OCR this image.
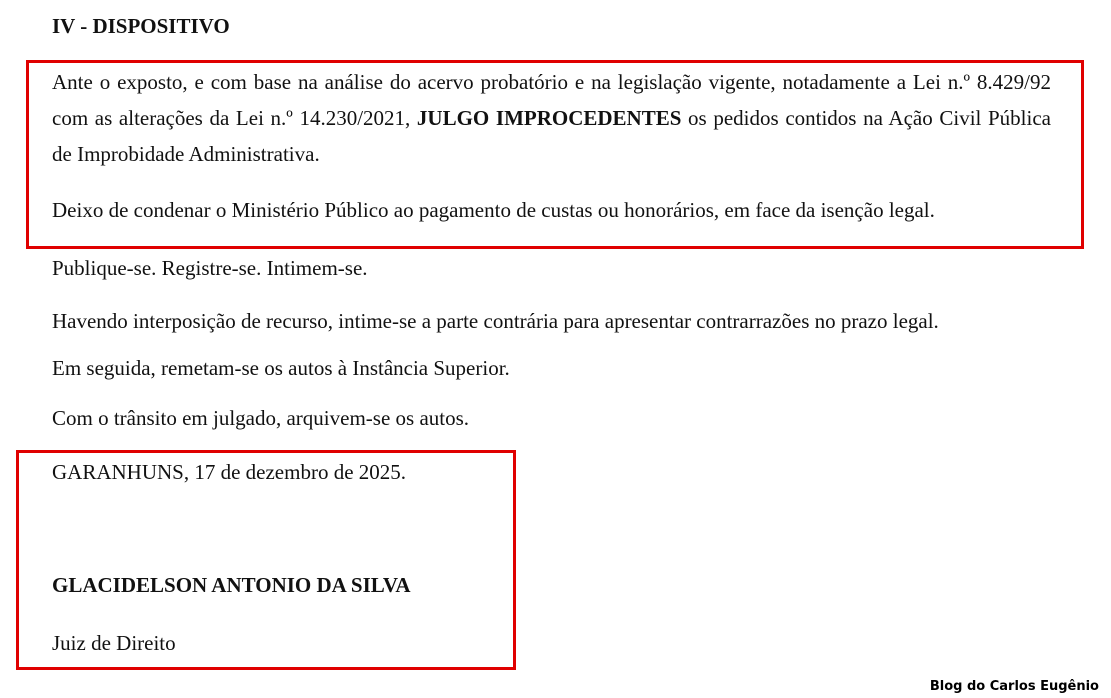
IV - DISPOSITIVO

Ante o exposto, e com base na análise do acervo probatório e na legislação vigente, notadamente a Lei n.º 8.429/92 com as alterações da Lei n.º 14.230/2021, JULGO IMPROCEDENTES os pedidos contidos na Ação Civil Pública de Improbidade Administrativa.

Deixo de condenar o Ministério Público ao pagamento de custas ou honorários, em face da isenção legal.

Publique-se. Registre-se. Intimem-se.

Havendo interposição de recurso, intime-se a parte contrária para apresentar contrarrazões no prazo legal.

Em seguida, remetam-se os autos à Instância Superior.

Com o trânsito em julgado, arquivem-se os autos.

GARANHUNS, 17 de dezembro de 2025.

GLACIDELSON ANTONIO DA SILVA

Juiz de Direito

Blog do Carlos Eugênio
